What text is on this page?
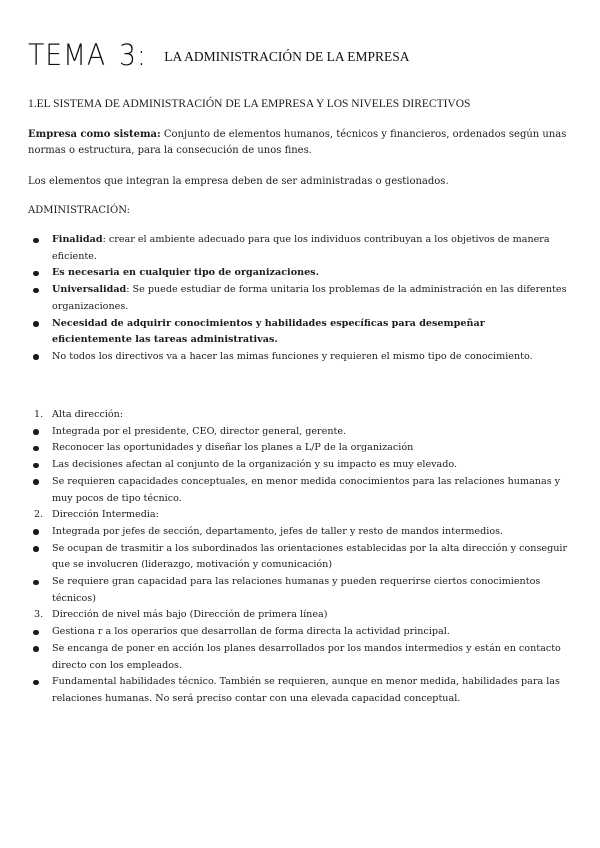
TEMA 3: $^{LA ADMINISTRACIÓN DE LA EMPRESA}$
1.EL SISTEMA DE ADMINISTRACIÓN DE LA EMPRESA Y LOS NIVELES DIRECTIVOS
Empresa como sistema: Conjunto de elementos humanos, técnicos y financieros, ordenados según unas normas o estructura, para la consecución de unos fines.
Los elementos que integran la empresa deben de ser administradas o gestionados.
ADMINISTRACIÓN:
Finalidad: crear el ambiente adecuado para que los individuos contribuyan a los objetivos de manera eficiente.
Es necesaria en cualquier tipo de organizaciones.
Universalidad: Se puede estudiar de forma unitaria los problemas de la administración en las diferentes organizaciones.
Necesidad de adquirir conocimientos y habilidades específicas para desempeñar eficientemente las tareas administrativas.
No todos los directivos va a hacer las mimas funciones y requieren el mismo tipo de conocimiento.
1. Alta dirección:
Integrada por el presidente, CEO, director general, gerente.
Reconocer las oportunidades y diseñar los planes a L/P de la organización
Las decisiones afectan al conjunto de la organización y su impacto es muy elevado.
Se requieren capacidades conceptuales, en menor medida conocimientos para las relaciones humanas y muy pocos de tipo técnico.
2. Dirección Intermedia:
Integrada por jefes de sección, departamento, jefes de taller y resto de mandos intermedios.
Se ocupan de trasmitir a los subordinados las orientaciones establecidas por la alta dirección y conseguir que se involucren (liderazgo, motivación y comunicación)
Se requiere gran capacidad para las relaciones humanas y pueden requerirse ciertos conocimientos técnicos)
3. Dirección de nivel más bajo (Dirección de primera línea)
Gestiona r a los operarios que desarrollan de forma directa la actividad principal.
Se encanga de poner en acción los planes desarrollados por los mandos intermedios y están en contacto directo con los empleados.
Fundamental habilidades técnico. También se requieren, aunque en menor medida, habilidades para las relaciones humanas. No será preciso contar con una elevada capacidad conceptual.
